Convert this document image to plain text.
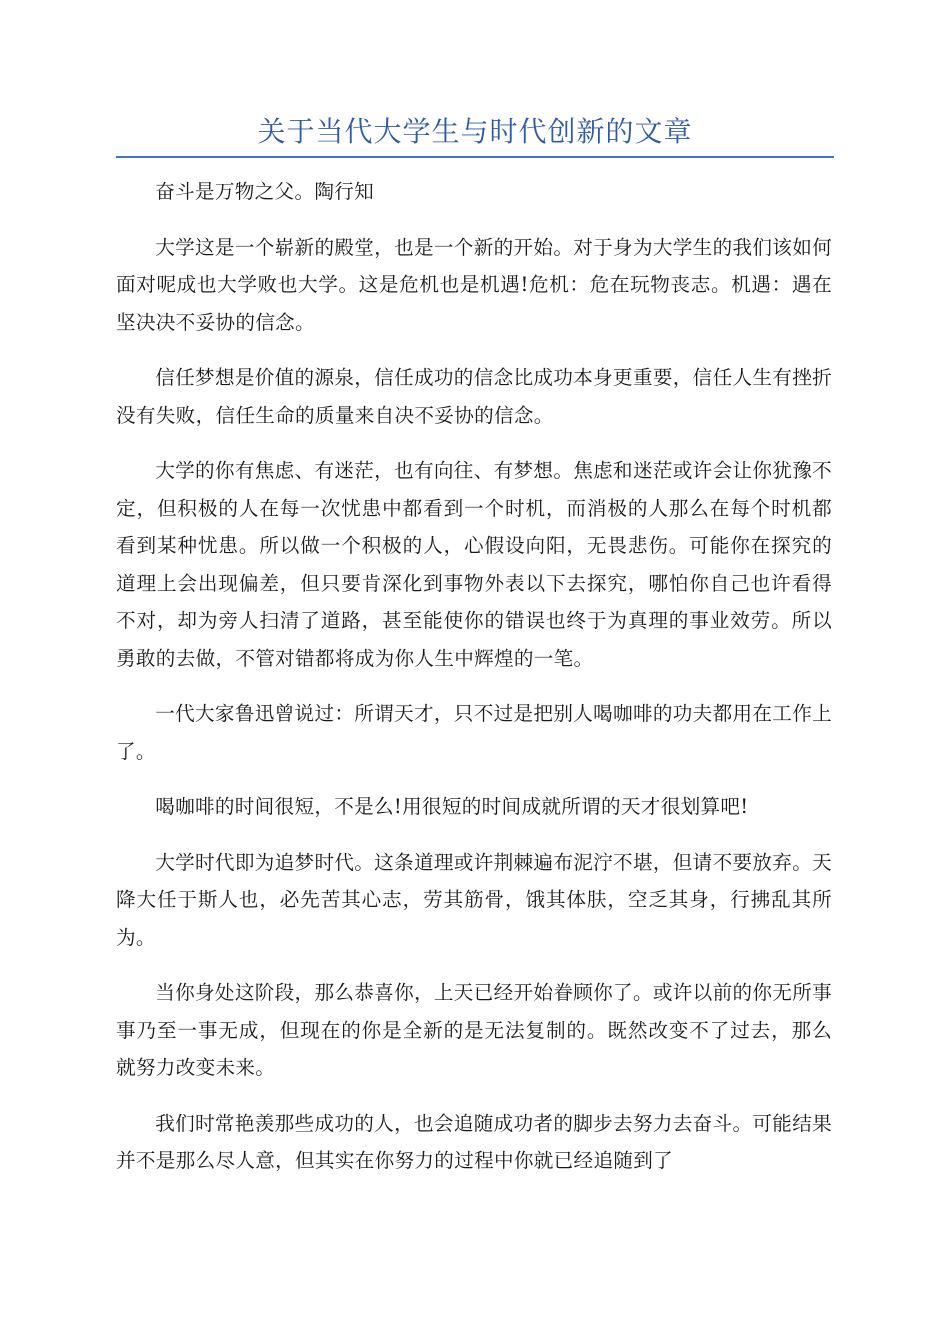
关于当代大学生与时代创新的文章

奋斗是万物之父。陶行知

大学这是一个崭新的殿堂，也是一个新的开始。对于身为大学生的我们该如何面对呢成也大学败也大学。这是危机也是机遇!危机：危在玩物丧志。机遇：遇在坚决决不妥协的信念。

信任梦想是价值的源泉，信任成功的信念比成功本身更重要，信任人生有挫折没有失败，信任生命的质量来自决不妥协的信念。

大学的你有焦虑、有迷茫，也有向往、有梦想。焦虑和迷茫或许会让你犹豫不定，但积极的人在每一次忧患中都看到一个时机，而消极的人那么在每个时机都看到某种忧患。所以做一个积极的人，心假设向阳，无畏悲伤。可能你在探究的道理上会出现偏差，但只要肯深化到事物外表以下去探究，哪怕你自己也许看得不对，却为旁人扫清了道路，甚至能使你的错误也终于为真理的事业效劳。所以勇敢的去做，不管对错都将成为你人生中辉煌的一笔。

一代大家鲁迅曾说过：所谓天才，只不过是把别人喝咖啡的功夫都用在工作上了。

喝咖啡的时间很短，不是么!用很短的时间成就所谓的天才很划算吧!

大学时代即为追梦时代。这条道理或许荆棘遍布泥泞不堪，但请不要放弃。天降大任于斯人也，必先苦其心志，劳其筋骨，饿其体肤，空乏其身，行拂乱其所为。

当你身处这阶段，那么恭喜你，上天已经开始眷顾你了。或许以前的你无所事事乃至一事无成，但现在的你是全新的是无法复制的。既然改变不了过去，那么就努力改变未来。

我们时常艳羡那些成功的人，也会追随成功者的脚步去努力去奋斗。可能结果并不是那么尽人意，但其实在你努力的过程中你就已经追随到了
